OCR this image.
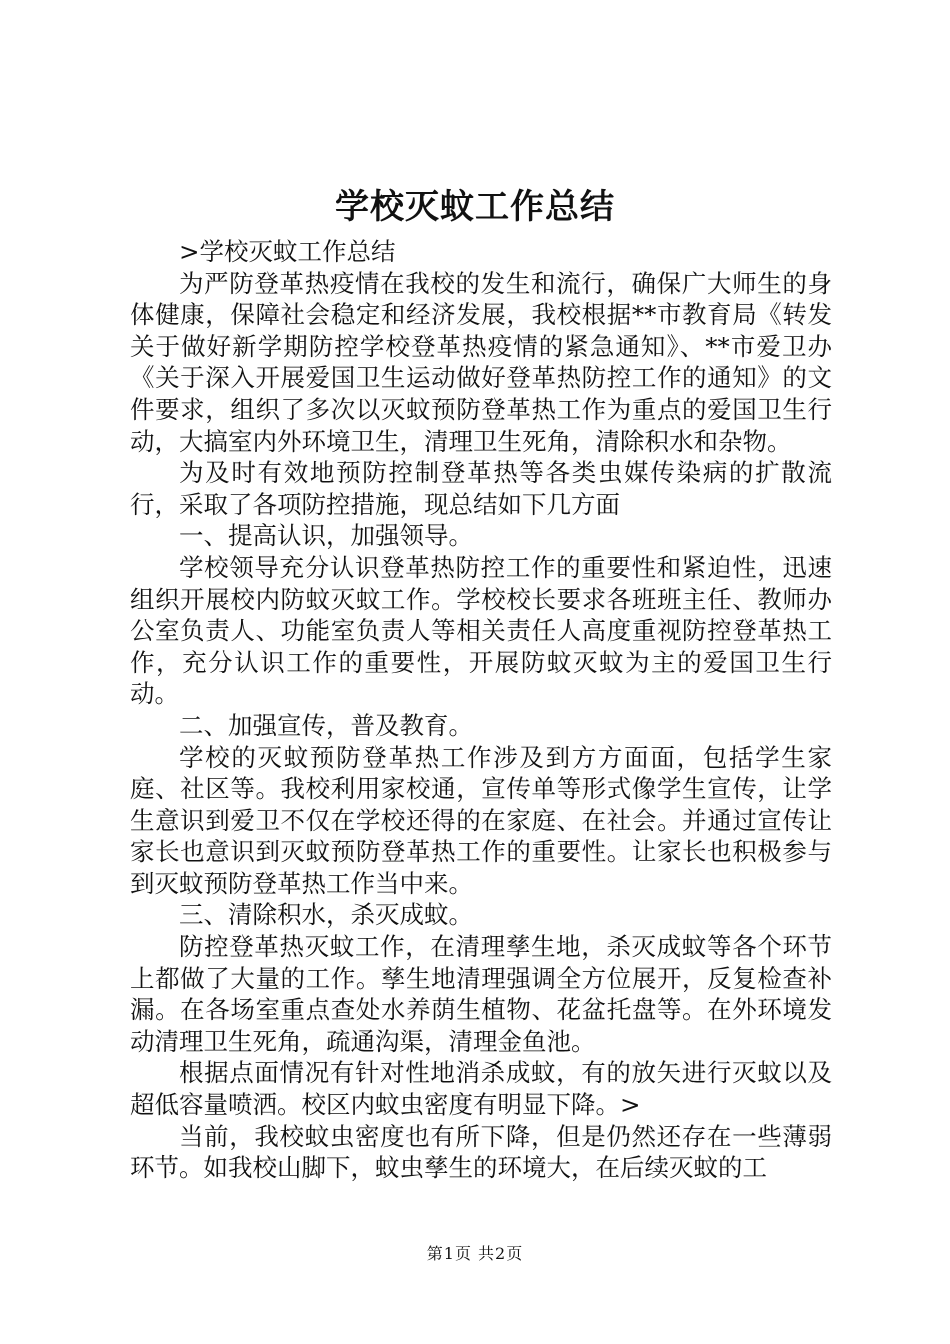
学校灭蚊工作总结

>学校灭蚊工作总结

为严防登革热疫情在我校的发生和流行，确保广大师生的身体健康，保障社会稳定和经济发展，我校根据**市教育局《转发关于做好新学期防控学校登革热疫情的紧急通知》、**市爱卫办《关于深入开展爱国卫生运动做好登革热防控工作的通知》的文件要求，组织了多次以灭蚊预防登革热工作为重点的爱国卫生行动，大搞室内外环境卫生，清理卫生死角，清除积水和杂物。

为及时有效地预防控制登革热等各类虫媒传染病的扩散流行，采取了各项防控措施，现总结如下几方面

一、提高认识，加强领导。

学校领导充分认识登革热防控工作的重要性和紧迫性，迅速组织开展校内防蚊灭蚊工作。学校校长要求各班班主任、教师办公室负责人、功能室负责人等相关责任人高度重视防控登革热工作，充分认识工作的重要性，开展防蚊灭蚊为主的爱国卫生行动。

二、加强宣传，普及教育。

学校的灭蚊预防登革热工作涉及到方方面面，包括学生家庭、社区等。我校利用家校通，宣传单等形式像学生宣传，让学生意识到爱卫不仅在学校还得的在家庭、在社会。并通过宣传让家长也意识到灭蚊预防登革热工作的重要性。让家长也积极参与到灭蚊预防登革热工作当中来。

三、清除积水，杀灭成蚊。

防控登革热灭蚊工作，在清理孳生地，杀灭成蚊等各个环节上都做了大量的工作。孳生地清理强调全方位展开，反复检查补漏。在各场室重点查处水养荫生植物、花盆托盘等。在外环境发动清理卫生死角，疏通沟渠，清理金鱼池。

根据点面情况有针对性地消杀成蚊，有的放矢进行灭蚊以及超低容量喷洒。校区内蚊虫密度有明显下降。>

当前，我校蚊虫密度也有所下降，但是仍然还存在一些薄弱环节。如我校山脚下，蚊虫孳生的环境大，在后续灭蚊的工

第1页 共2页
